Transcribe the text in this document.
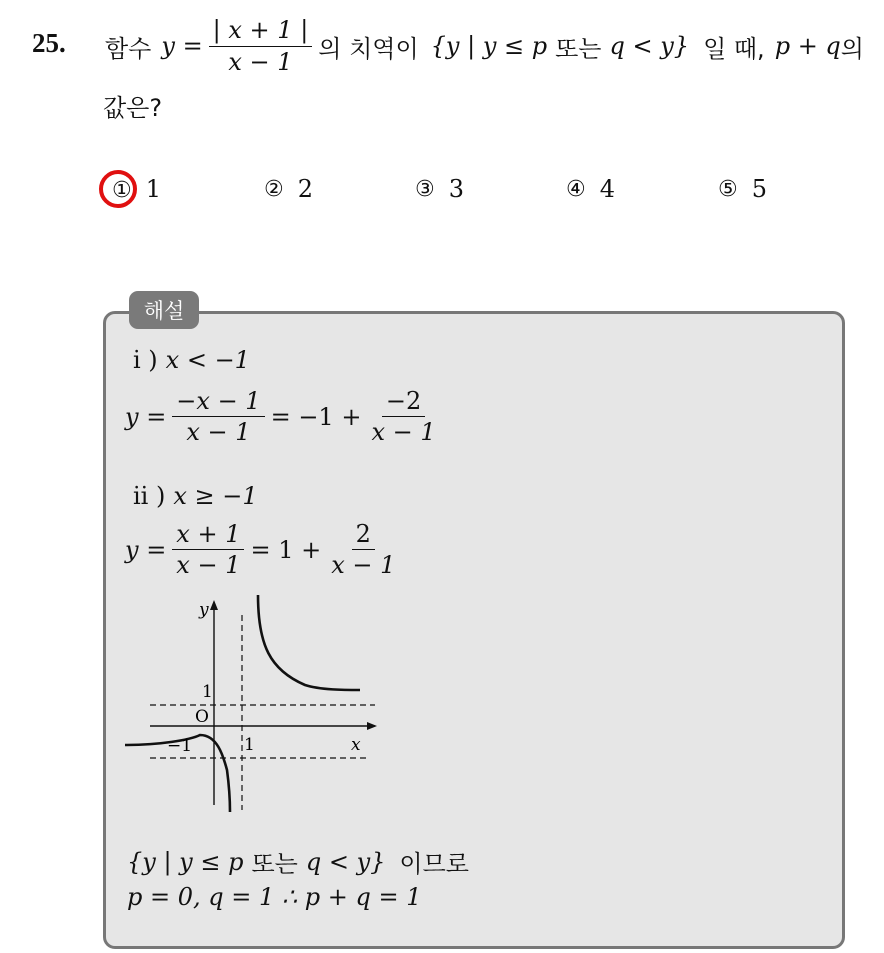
25. 함수 $y = \frac{| x + 1 |}{x - 1}$ 의 치역이 {y | y ≤ p 또는 q < y} 일 때, p + q 의
값은?
① 1	② 2	③ 3	④ 4	⑤ 5
해설
i ) x < −1
$y = \frac{-x - 1}{x - 1} = -1 + \frac{-2}{x - 1}$
ii ) x ≥ −1
$y = \frac{x + 1}{x - 1} = 1 + \frac{2}{x - 1}$
y
x
O
1
−1	1
{y | y ≤ p 또는 q < y} 이므로
p = 0, q = 1 ∴ p + q = 1
